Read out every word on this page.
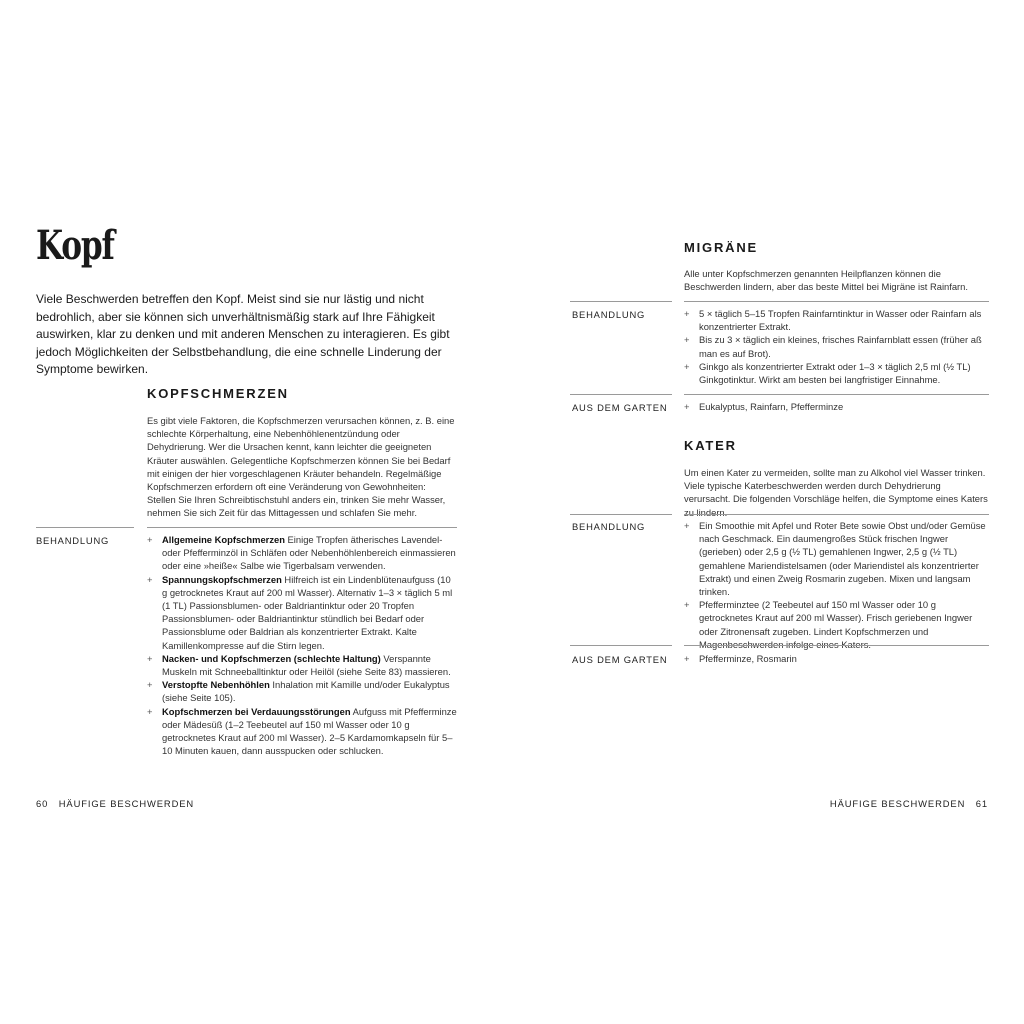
Kopf
Viele Beschwerden betreffen den Kopf. Meist sind sie nur lästig und nicht bedrohlich, aber sie können sich unverhältnismäßig stark auf Ihre Fähigkeit auswirken, klar zu denken und mit anderen Menschen zu interagieren. Es gibt jedoch Möglichkeiten der Selbstbehandlung, die eine schnelle Linderung der Symptome bewirken.
KOPFSCHMERZEN
Es gibt viele Faktoren, die Kopfschmerzen verursachen können, z. B. eine schlechte Körperhaltung, eine Nebenhöhlenentzündung oder Dehydrierung. Wer die Ursachen kennt, kann leichter die geeigneten Kräuter auswählen. Gelegentliche Kopfschmerzen können Sie bei Bedarf mit einigen der hier vorgeschlagenen Kräuter behandeln. Regelmäßige Kopfschmerzen erfordern oft eine Veränderung von Gewohnheiten: Stellen Sie Ihren Schreibtischstuhl anders ein, trinken Sie mehr Wasser, nehmen Sie sich Zeit für das Mittagessen und schlafen Sie mehr.
BEHANDLUNG	+ Allgemeine Kopfschmerzen Einige Tropfen ätherisches Lavendel- oder Pfefferminzöl in Schläfen oder Nebenhöhlenbereich einmassieren oder eine »heiße« Salbe wie Tigerbalsam verwenden.
+ Spannungskopfschmerzen Hilfreich ist ein Lindenblütenaufguss (10 g getrocknetes Kraut auf 200 ml Wasser). Alternativ 1–3 × täglich 5 ml (1 TL) Passionsblumen- oder Baldriantinktur oder 20 Tropfen Passionsblumen- oder Baldriantinktur stündlich bei Bedarf oder Passionsblume oder Baldrian als konzentrierter Extrakt. Kalte Kamillenkompresse auf die Stirn legen.
+ Nacken- und Kopfschmerzen (schlechte Haltung) Verspannte Muskeln mit Schneeballtinktur oder Heilöl (siehe Seite 83) massieren.
+ Verstopfte Nebenhöhlen Inhalation mit Kamille und/oder Eukalyptus (siehe Seite 105).
+ Kopfschmerzen bei Verdauungsstörungen Aufguss mit Pfefferminze oder Mädesüß (1–2 Teebeutel auf 150 ml Wasser oder 10 g getrocknetes Kraut auf 200 ml Wasser). 2–5 Kardamomkapseln für 5–10 Minuten kauen, dann ausspucken oder schlucken.
60   HÄUFIGE BESCHWERDEN
MIGRÄNE
Alle unter Kopfschmerzen genannten Heilpflanzen können die Beschwerden lindern, aber das beste Mittel bei Migräne ist Rainfarn.
BEHANDLUNG	+ 5 × täglich 5–15 Tropfen Rainfarntinktur in Wasser oder Rainfarn als konzentrierter Extrakt.
+ Bis zu 3 × täglich ein kleines, frisches Rainfarnblatt essen (früher aß man es auf Brot).
+ Ginkgo als konzentrierter Extrakt oder 1–3 × täglich 2,5 ml (½ TL) Ginkgotinktur. Wirkt am besten bei langfristiger Einnahme.
AUS DEM GARTEN + Eukalyptus, Rainfarn, Pfefferminze
KATER
Um einen Kater zu vermeiden, sollte man zu Alkohol viel Wasser trinken. Viele typische Katerbeschwerden werden durch Dehydrierung verursacht. Die folgenden Vorschläge helfen, die Symptome eines Katers zu lindern.
BEHANDLUNG	+ Ein Smoothie mit Apfel und Roter Bete sowie Obst und/oder Gemüse nach Geschmack. Ein daumengroßes Stück frischen Ingwer (gerieben) oder 2,5 g (½ TL) gemahlenen Ingwer, 2,5 g (½ TL) gemahlene Mariendistelsamen (oder Mariendistel als konzentrierter Extrakt) und einen Zweig Rosmarin zugeben. Mixen und langsam trinken.
+ Pfefferminztee (2 Teebeutel auf 150 ml Wasser oder 10 g getrocknetes Kraut auf 200 ml Wasser). Frisch geriebenen Ingwer oder Zitronensaft zugeben. Lindert Kopfschmerzen und Magenbeschwerden infolge eines Katers.
AUS DEM GARTEN + Pfefferminze, Rosmarin
HÄUFIGE BESCHWERDEN   61
